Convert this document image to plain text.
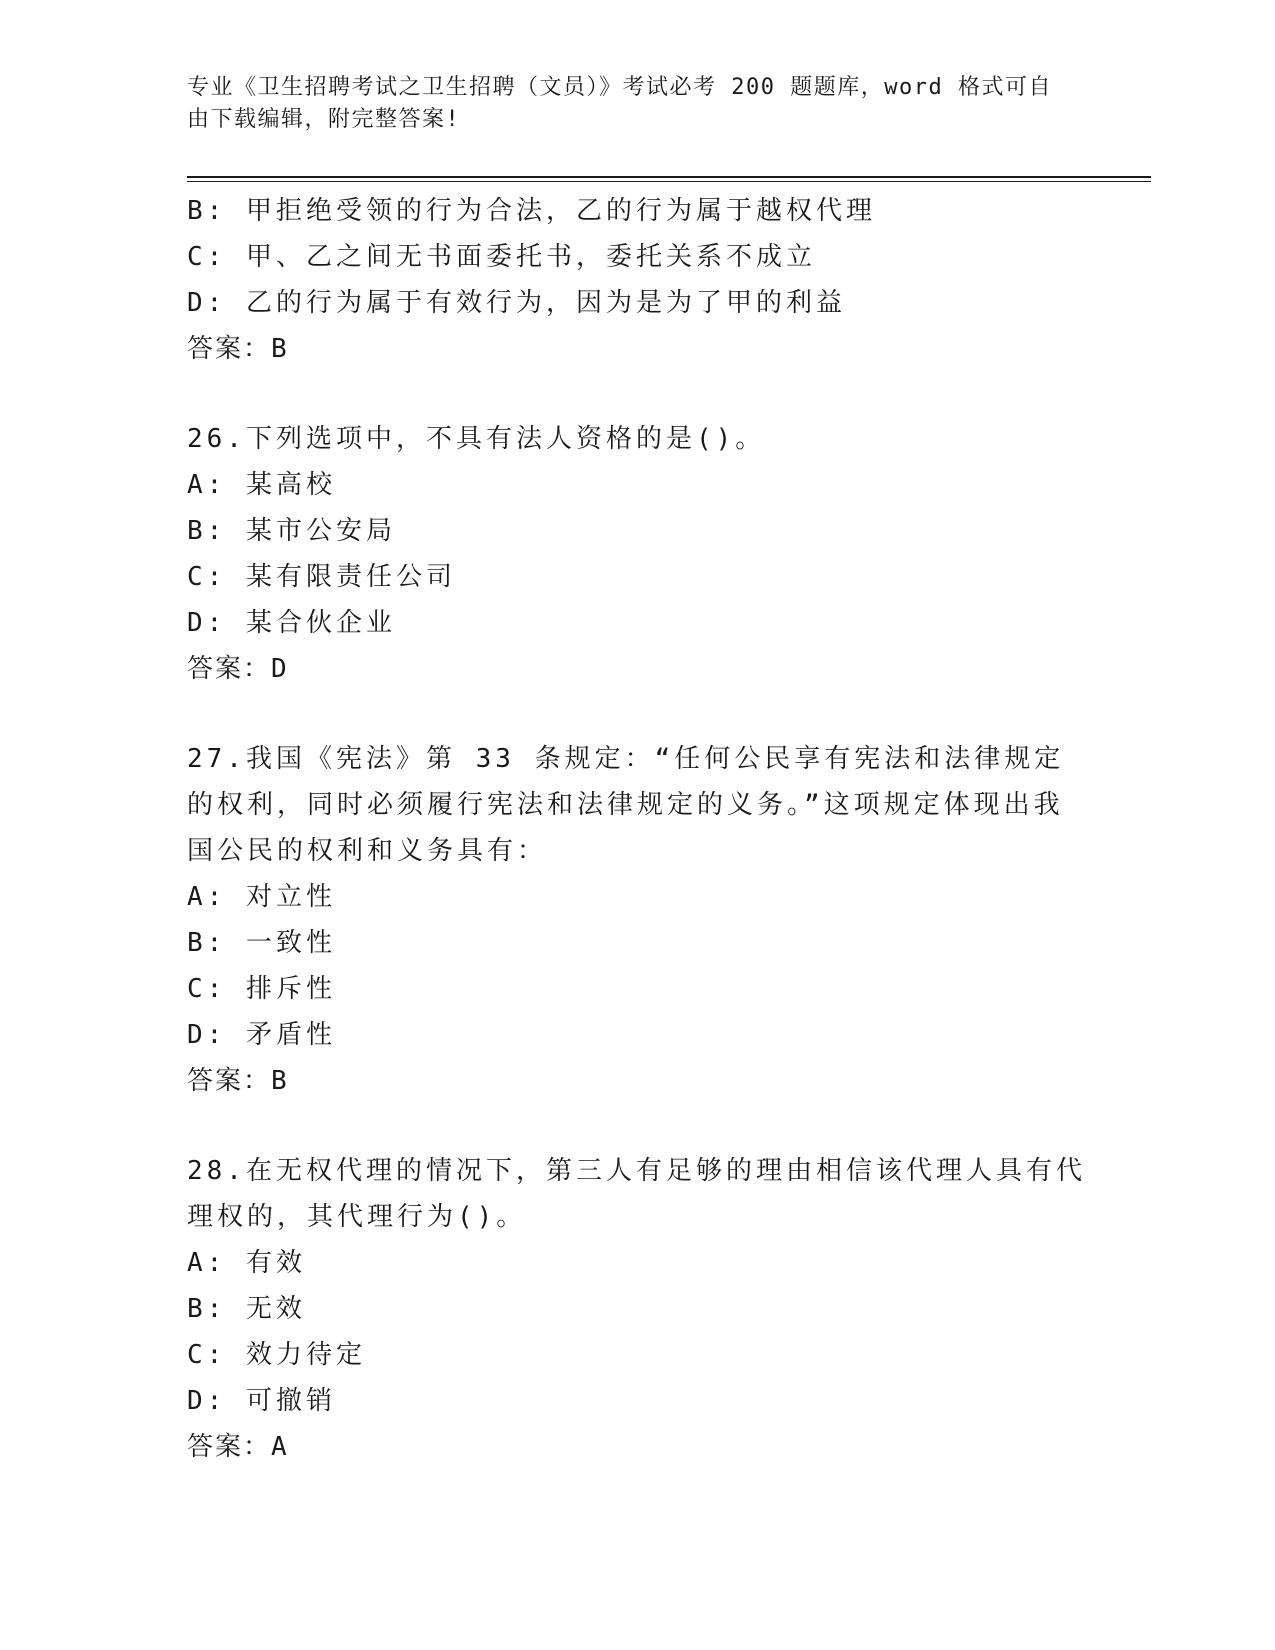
专业《卫生招聘考试之卫生招聘（文员）》考试必考 200 题题库，word 格式可自由下载编辑，附完整答案!
B: 甲拒绝受领的行为合法，乙的行为属于越权代理
C: 甲、乙之间无书面委托书，委托关系不成立
D: 乙的行为属于有效行为，因为是为了甲的利益
答案：B
26.下列选项中，不具有法人资格的是()。
A: 某高校
B: 某市公安局
C: 某有限责任公司
D: 某合伙企业
答案：D
27.我国《宪法》第 33 条规定：“任何公民享有宪法和法律规定的权利，同时必须履行宪法和法律规定的义务。”这项规定体现出我国公民的权利和义务具有：
A: 对立性
B: 一致性
C: 排斥性
D: 矛盾性
答案：B
28.在无权代理的情况下，第三人有足够的理由相信该代理人具有代理权的，其代理行为()。
A: 有效
B: 无效
C: 效力待定
D: 可撤销
答案：A
